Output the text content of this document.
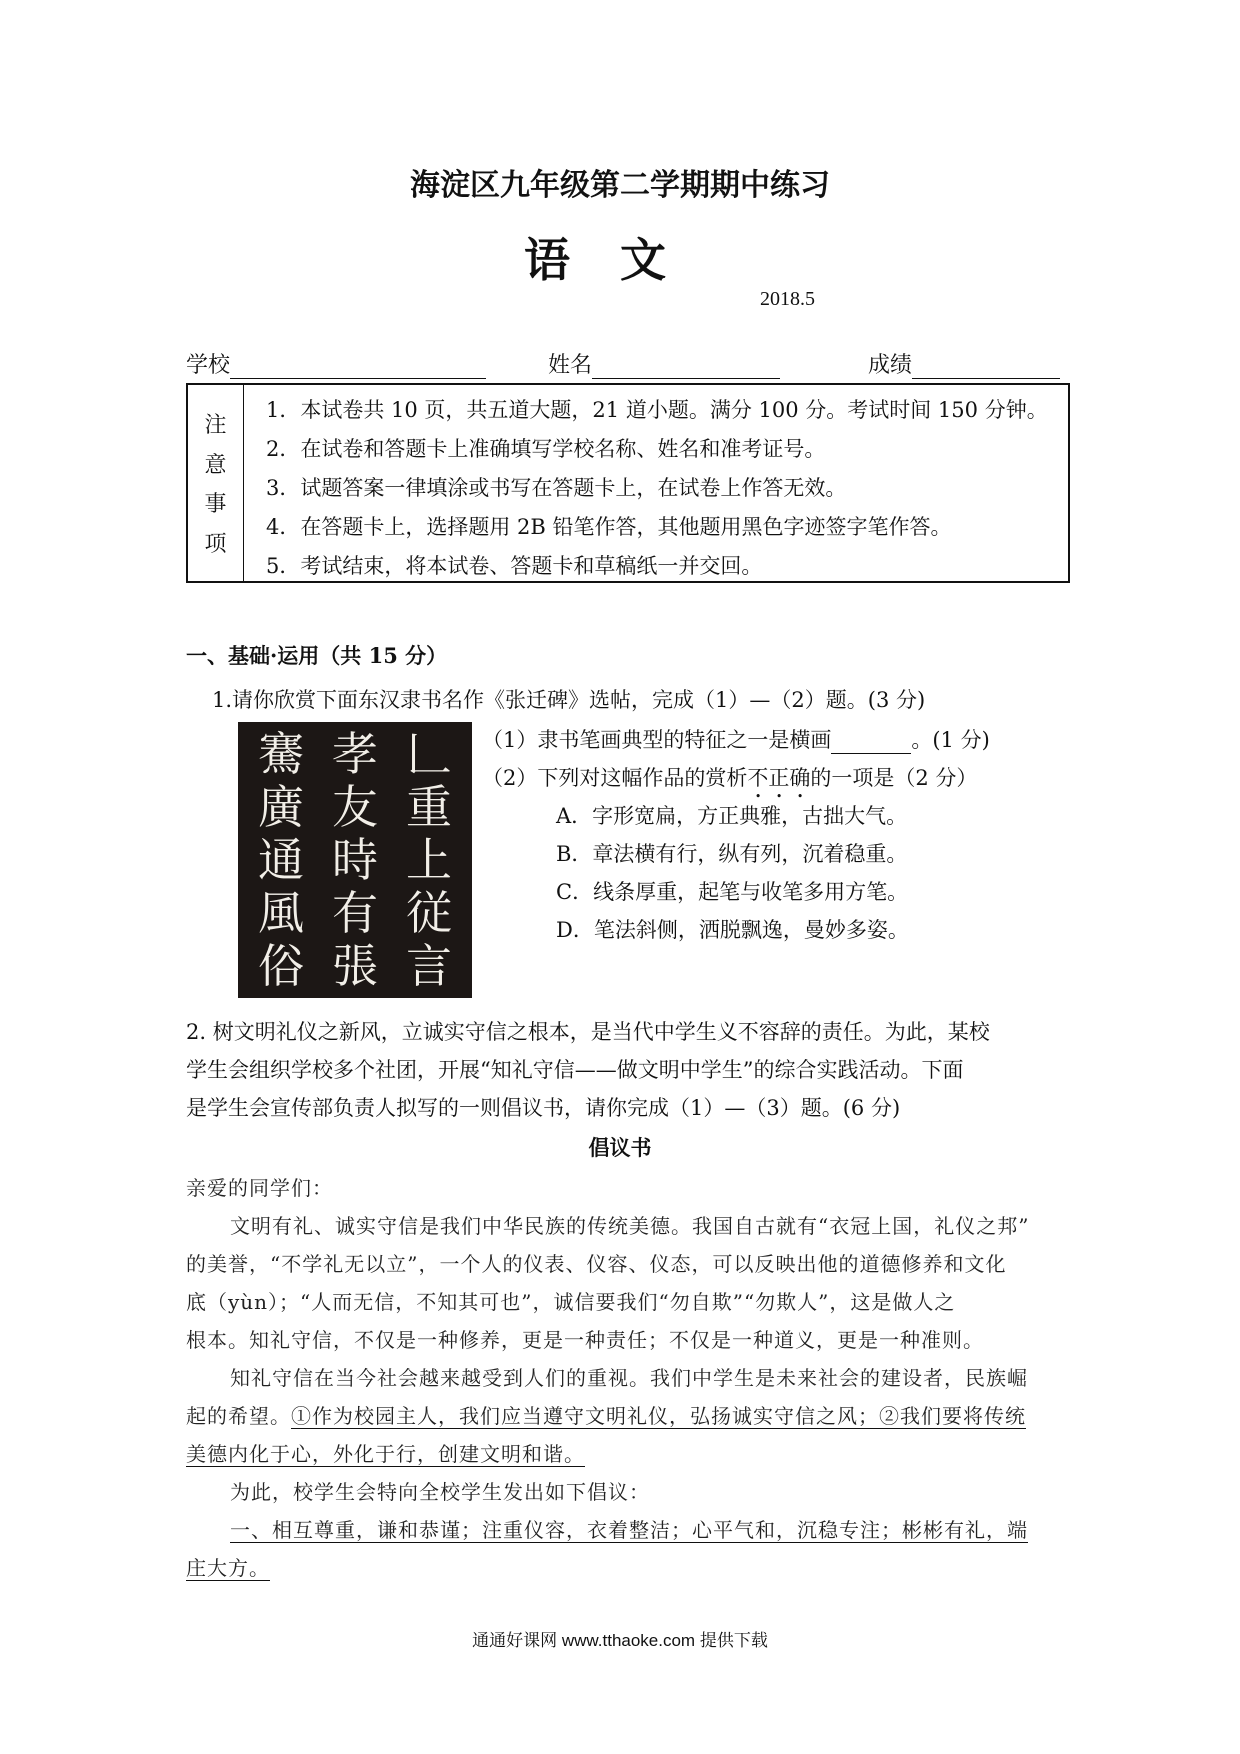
海淀区九年级第二学期期中练习
语文
2018.5
学校	姓名	成绩
注
意
事
项
1．本试卷共 10 页，共五道大题，21 道小题。满分 100 分。考试时间 150 分钟。
2．在试卷和答题卡上准确填写学校名称、姓名和准考证号。
3．试题答案一律填涂或书写在答题卡上，在试卷上作答无效。
4．在答题卡上，选择题用 2B 铅笔作答，其他题用黑色字迹签字笔作答。
5．考试结束，将本试卷、答题卡和草稿纸一并交回。
一、基础·运用（共 15 分）
1.请你欣赏下面东汉隶书名作《张迁碑》选帖，完成（1）—（2）题。(3 分)
騫 孝 𠃊
廣 友 重
通 時 上
風 有 従
俗 張 言
（1）隶书笔画典型的特征之一是横画	。(1 分)
（2）下列对这幅作品的赏析不正确的一项是（2 分）
A．字形宽扁，方正典雅，古拙大气。
B．章法横有行，纵有列，沉着稳重。
C．线条厚重，起笔与收笔多用方笔。
D．笔法斜侧，洒脱飘逸，曼妙多姿。
2. 树文明礼仪之新风，立诚实守信之根本，是当代中学生义不容辞的责任。为此，某校
学生会组织学校多个社团，开展“知礼守信——做文明中学生”的综合实践活动。下面
是学生会宣传部负责人拟写的一则倡议书，请你完成（1）—（3）题。(6 分)
倡议书
亲爱的同学们：
文明有礼、诚实守信是我们中华民族的传统美德。我国自古就有“衣冠上国，礼仪之邦”
的美誉，“不学礼无以立”，一个人的仪表、仪容、仪态，可以反映出他的道德修养和文化
底（yùn）；“人而无信，不知其可也”，诚信要我们“勿自欺”“勿欺人”，这是做人之
根本。知礼守信，不仅是一种修养，更是一种责任；不仅是一种道义，更是一种准则。
知礼守信在当今社会越来越受到人们的重视。我们中学生是未来社会的建设者，民族崛
起的希望。①作为校园主人，我们应当遵守文明礼仪，弘扬诚实守信之风；②我们要将传统
美德内化于心，外化于行，创建文明和谐。
为此，校学生会特向全校学生发出如下倡议：
一、相互尊重，谦和恭谨；注重仪容，衣着整洁；心平气和，沉稳专注；彬彬有礼，端
庄大方。
通通好课网 www.tthaoke.com 提供下载
